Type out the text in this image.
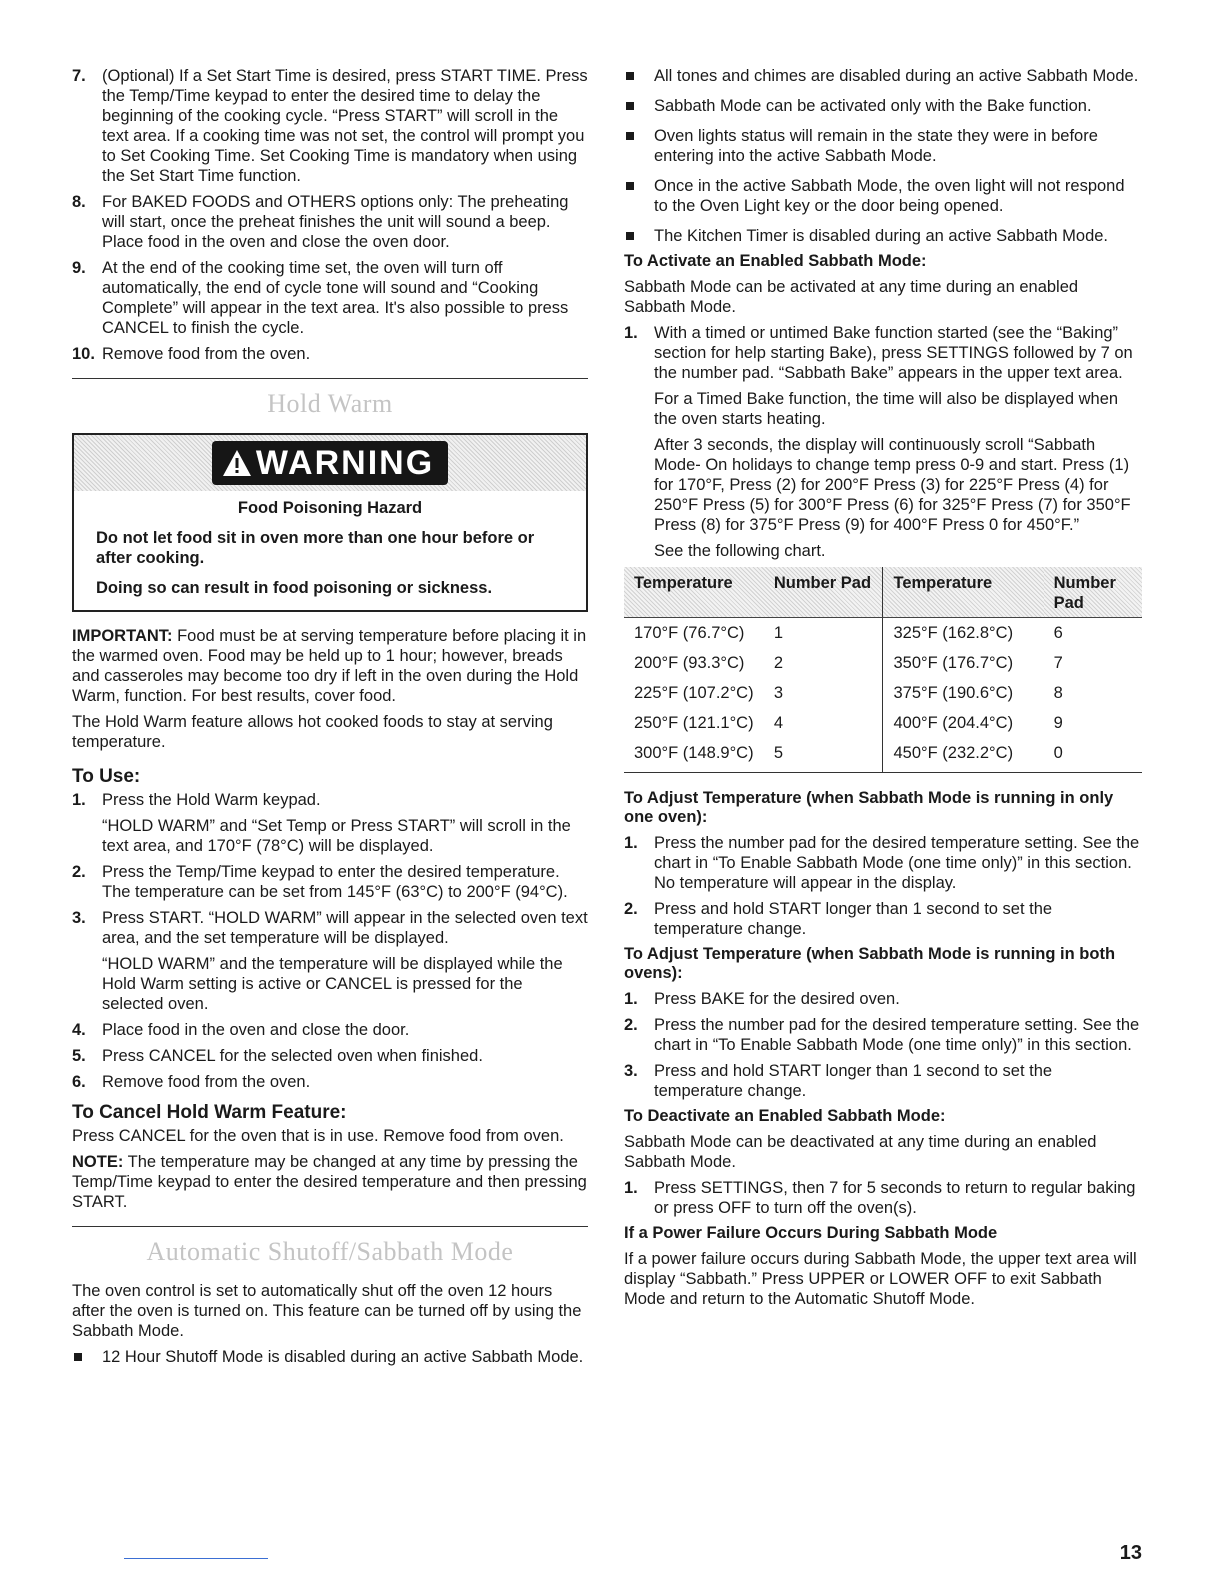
7. (Optional) If a Set Start Time is desired, press START TIME. Press the Temp/Time keypad to enter the desired time to delay the beginning of the cooking cycle. “Press START” will scroll in the text area. If a cooking time was not set, the control will prompt you to Set Cooking Time. Set Cooking Time is mandatory when using the Set Start Time function.
8. For BAKED FOODS and OTHERS options only: The preheating will start, once the preheat finishes the unit will sound a beep. Place food in the oven and close the oven door.
9. At the end of the cooking time set, the oven will turn off automatically, the end of cycle tone will sound and “Cooking Complete” will appear in the text area. It's also possible to press CANCEL to finish the cycle.
10. Remove food from the oven.
Hold Warm
WARNING
Food Poisoning Hazard

Do not let food sit in oven more than one hour before or after cooking.

Doing so can result in food poisoning or sickness.

IMPORTANT: Food must be at serving temperature before placing it in the warmed oven. Food may be held up to 1 hour; however, breads and casseroles may become too dry if left in the oven during the Hold Warm, function. For best results, cover food.

The Hold Warm feature allows hot cooked foods to stay at serving temperature.

To Use:
1. Press the Hold Warm keypad.
“HOLD WARM” and “Set Temp or Press START” will scroll in the text area, and 170°F (78°C) will be displayed.
2. Press the Temp/Time keypad to enter the desired temperature. The temperature can be set from 145°F (63°C) to 200°F (94°C).
3. Press START. “HOLD WARM” will appear in the selected oven text area, and the set temperature will be displayed.
“HOLD WARM” and the temperature will be displayed while the Hold Warm setting is active or CANCEL is pressed for the selected oven.
4. Place food in the oven and close the door.
5. Press CANCEL for the selected oven when finished.
6. Remove food from the oven.
To Cancel Hold Warm Feature:

Press CANCEL for the oven that is in use. Remove food from oven.

NOTE: The temperature may be changed at any time by pressing the Temp/Time keypad to enter the desired temperature and then pressing START.

Automatic Shutoff/Sabbath Mode

The oven control is set to automatically shut off the oven 12 hours after the oven is turned on. This feature can be turned off by using the Sabbath Mode.

12 Hour Shutoff Mode is disabled during an active Sabbath Mode.
All tones and chimes are disabled during an active Sabbath Mode.
Sabbath Mode can be activated only with the Bake function.
Oven lights status will remain in the state they were in before entering into the active Sabbath Mode.
Once in the active Sabbath Mode, the oven light will not respond to the Oven Light key or the door being opened.
The Kitchen Timer is disabled during an active Sabbath Mode.
To Activate an Enabled Sabbath Mode:

Sabbath Mode can be activated at any time during an enabled Sabbath Mode.

1. With a timed or untimed Bake function started (see the “Baking” section for help starting Bake), press SETTINGS followed by 7 on the number pad. “Sabbath Bake” appears in the upper text area.
For a Timed Bake function, the time will also be displayed when the oven starts heating.
After 3 seconds, the display will continuously scroll “Sabbath Mode- On holidays to change temp press 0-9 and start. Press (1) for 170°F, Press (2) for 200°F Press (3) for 225°F Press (4) for 250°F Press (5) for 300°F Press (6) for 325°F Press (7) for 350°F Press (8) for 375°F Press (9) for 400°F Press 0 for 450°F.”
See the following chart.
Temperature	Number Pad	Temperature	Number Pad
170°F (76.7°C)	1	325°F (162.8°C)	6
200°F (93.3°C)	2	350°F (176.7°C)	7
225°F (107.2°C)	3	375°F (190.6°C)	8
250°F (121.1°C)	4	400°F (204.4°C)	9
300°F (148.9°C)	5	450°F (232.2°C)	0
To Adjust Temperature (when Sabbath Mode is running in only one oven):
1. Press the number pad for the desired temperature setting. See the chart in “To Enable Sabbath Mode (one time only)” in this section. No temperature will appear in the display.
2. Press and hold START longer than 1 second to set the temperature change.
To Adjust Temperature (when Sabbath Mode is running in both ovens):
1. Press BAKE for the desired oven.
2. Press the number pad for the desired temperature setting. See the chart in “To Enable Sabbath Mode (one time only)” in this section.
3. Press and hold START longer than 1 second to set the temperature change.
To Deactivate an Enabled Sabbath Mode:

Sabbath Mode can be deactivated at any time during an enabled Sabbath Mode.

1. Press SETTINGS, then 7 for 5 seconds to return to regular baking or press OFF to turn off the oven(s).
If a Power Failure Occurs During Sabbath Mode

If a power failure occurs during Sabbath Mode, the upper text area will display “Sabbath.” Press UPPER or LOWER OFF to exit Sabbath Mode and return to the Automatic Shutoff Mode.

13
